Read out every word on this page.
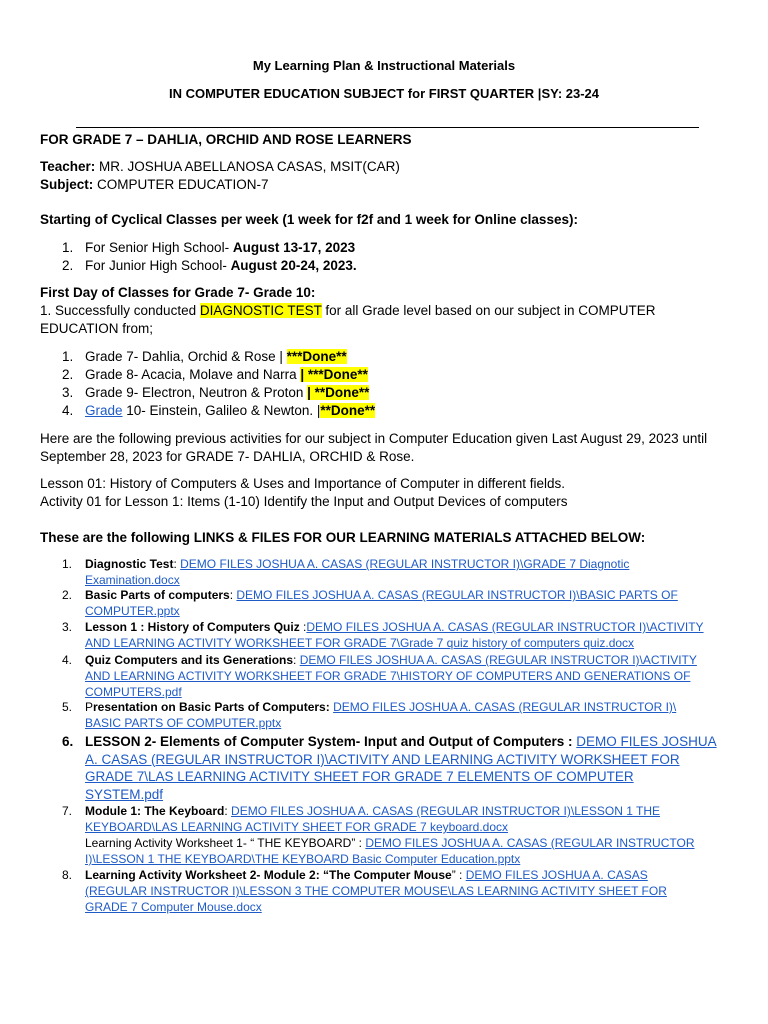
My Learning Plan & Instructional Materials
IN COMPUTER EDUCATION SUBJECT for FIRST QUARTER |SY: 23-24
FOR GRADE 7 – DAHLIA, ORCHID AND ROSE LEARNERS
Teacher: MR. JOSHUA ABELLANOSA CASAS, MSIT(CAR)
Subject: COMPUTER EDUCATION-7
Starting of Cyclical Classes per week (1 week for f2f and 1 week for Online classes):
1. For Senior High School- August 13-17, 2023
2. For Junior High School- August 20-24, 2023.
First Day of Classes for Grade 7- Grade 10:
1. Successfully conducted DIAGNOSTIC TEST for all Grade level based on our subject in COMPUTER
EDUCATION from;
1. Grade 7- Dahlia, Orchid & Rose | ***Done**
2. Grade 8- Acacia, Molave and Narra | ***Done**
3. Grade 9- Electron, Neutron & Proton | **Done**
4. Grade 10- Einstein, Galileo & Newton. |**Done**
Here are the following previous activities for our subject in Computer Education given Last August 29, 2023 until
September 28, 2023 for GRADE 7- DAHLIA, ORCHID & Rose.
Lesson 01: History of Computers & Uses and Importance of Computer in different fields.
Activity 01 for Lesson 1: Items (1-10) Identify the Input and Output Devices of computers
These are the following LINKS & FILES FOR OUR LEARNING MATERIALS ATTACHED BELOW:
1. Diagnostic Test: DEMO FILES JOSHUA A. CASAS (REGULAR INSTRUCTOR I)\GRADE 7 Diagnotic
Examination.docx
2. Basic Parts of computers: DEMO FILES JOSHUA A. CASAS (REGULAR INSTRUCTOR I)\BASIC PARTS OF
COMPUTER.pptx
3. Lesson 1 : History of Computers Quiz :DEMO FILES JOSHUA A. CASAS (REGULAR INSTRUCTOR I)\ACTIVITY
AND LEARNING ACTIVITY WORKSHEET FOR GRADE 7\Grade 7 quiz history of computers quiz.docx
4. Quiz Computers and its Generations: DEMO FILES JOSHUA A. CASAS (REGULAR INSTRUCTOR I)\ACTIVITY
AND LEARNING ACTIVITY WORKSHEET FOR GRADE 7\HISTORY OF COMPUTERS AND GENERATIONS OF
COMPUTERS.pdf
5. Presentation on Basic Parts of Computers: DEMO FILES JOSHUA A. CASAS (REGULAR INSTRUCTOR I)\
BASIC PARTS OF COMPUTER.pptx
6. LESSON 2- Elements of Computer System- Input and Output of Computers : DEMO FILES JOSHUA
A. CASAS (REGULAR INSTRUCTOR I)\ACTIVITY AND LEARNING ACTIVITY WORKSHEET FOR
GRADE 7\LAS LEARNING ACTIVITY SHEET FOR GRADE 7 ELEMENTS OF COMPUTER
SYSTEM.pdf
7. Module 1: The Keyboard: DEMO FILES JOSHUA A. CASAS (REGULAR INSTRUCTOR I)\LESSON 1 THE
KEYBOARD\LAS LEARNING ACTIVITY SHEET FOR GRADE 7 keyboard.docx
Learning Activity Worksheet 1- “ THE KEYBOARD” : DEMO FILES JOSHUA A. CASAS (REGULAR INSTRUCTOR
I)\LESSON 1 THE KEYBOARD\THE KEYBOARD Basic Computer Education.pptx
8. Learning Activity Worksheet 2- Module 2: “The Computer Mouse” : DEMO FILES JOSHUA A. CASAS
(REGULAR INSTRUCTOR I)\LESSON 3 THE COMPUTER MOUSE\LAS LEARNING ACTIVITY SHEET FOR
GRADE 7 Computer Mouse.docx
